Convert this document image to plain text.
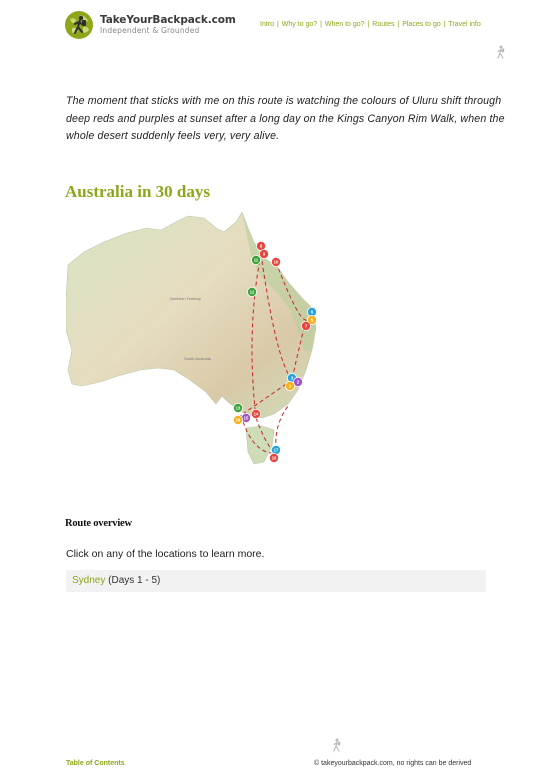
TakeYourBackpack.com
Independent & Grounded
Intro | Why to go? | When to go? | Routes | Places to go | Travel info

The moment that sticks with me on this route is watching the colours of Uluru shift through deep reds and purples at sunset after a long day on the Kings Canyon Rim Walk, when the whole desert suddenly feels very, very alive.

Australia in 30 days
Northern Territory
South Australia
8
9
10
11
12
6
5
7
3
2
1
13
14
15
16
17
18
Route overview

Click on any of the locations to learn more.

Sydney (Days 1 - 5)
Table of Contents	© takeyourbackpack.com, no rights can be derived
